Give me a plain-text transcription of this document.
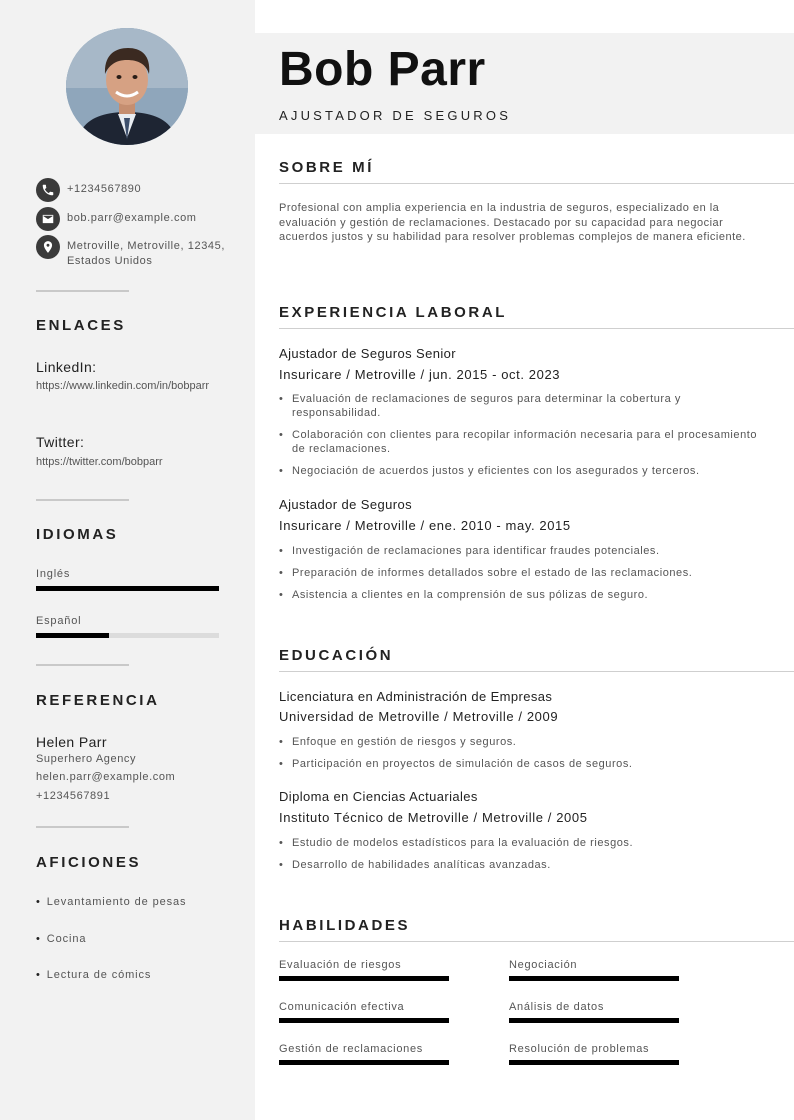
+1234567890
bob.parr@example.com
Metroville, Metroville, 12345, Estados Unidos
ENLACES
LinkedIn:
https://www.linkedin.com/in/bobparr
Twitter:
https://twitter.com/bobparr
IDIOMAS
Inglés
Español
REFERENCIA
Helen Parr
Superhero Agency
helen.parr@example.com
+1234567891
AFICIONES
• Levantamiento de pesas
• Cocina
• Lectura de cómics
Bob Parr
AJUSTADOR DE SEGUROS
SOBRE MÍ
Profesional con amplia experiencia en la industria de seguros, especializado en la evaluación y gestión de reclamaciones. Destacado por su capacidad para negociar acuerdos justos y su habilidad para resolver problemas complejos de manera eficiente.
EXPERIENCIA LABORAL
Ajustador de Seguros Senior
Insuricare / Metroville / jun. 2015 - oct. 2023
• Evaluación de reclamaciones de seguros para determinar la cobertura y responsabilidad.
• Colaboración con clientes para recopilar información necesaria para el procesamiento de reclamaciones.
• Negociación de acuerdos justos y eficientes con los asegurados y terceros.
Ajustador de Seguros
Insuricare / Metroville / ene. 2010 - may. 2015
• Investigación de reclamaciones para identificar fraudes potenciales.
• Preparación de informes detallados sobre el estado de las reclamaciones.
• Asistencia a clientes en la comprensión de sus pólizas de seguro.
EDUCACIÓN
Licenciatura en Administración de Empresas
Universidad de Metroville / Metroville / 2009
• Enfoque en gestión de riesgos y seguros.
• Participación en proyectos de simulación de casos de seguros.
Diploma en Ciencias Actuariales
Instituto Técnico de Metroville / Metroville / 2005
• Estudio de modelos estadísticos para la evaluación de riesgos.
• Desarrollo de habilidades analíticas avanzadas.
HABILIDADES
Evaluación de riesgos	Negociación
Comunicación efectiva	Análisis de datos
Gestión de reclamaciones	Resolución de problemas
